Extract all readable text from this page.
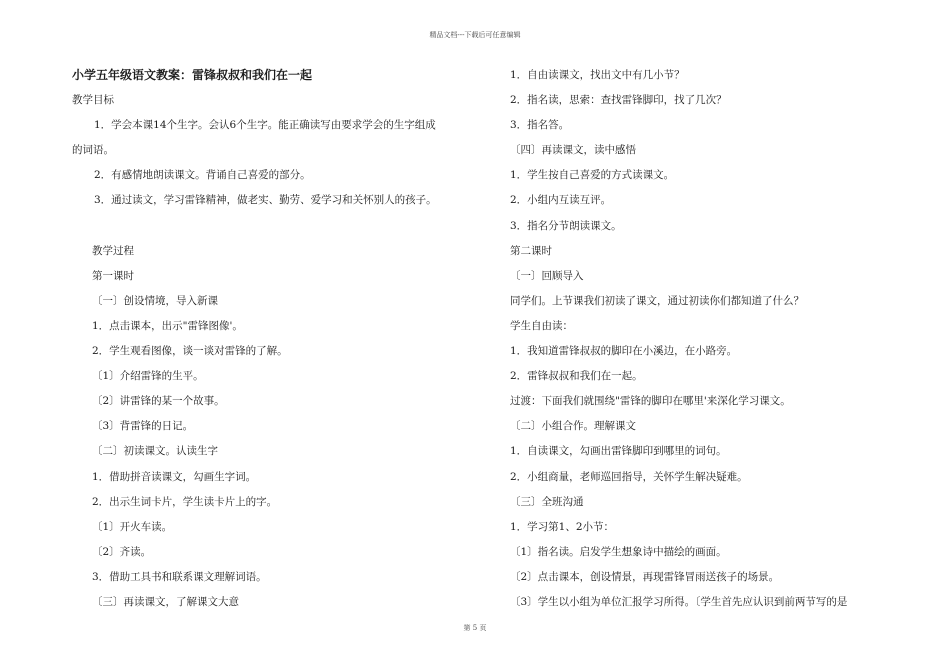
精品文档---下载后可任意编辑
小学五年级语文教案：雷锋叔叔和我们在一起
教学目标
1．学会本课14个生字。会认6个生字。能正确读写由要求学会的生字组成
的词语。
2．有感情地朗读课文。背诵自己喜爱的部分。
3．通过读文，学习雷锋精神，做老实、勤劳、爱学习和关怀别人的孩子。
教学过程
第一课时
〔一〕创设情境，导入新课
1．点击课本，出示"雷锋图像'。
2．学生观看图像，谈一谈对雷锋的了解。
〔1〕介绍雷锋的生平。
〔2〕讲雷锋的某一个故事。
〔3〕背雷锋的日记。
〔二〕初读课文。认读生字
1．借助拼音读课文，勾画生字词。
2．出示生词卡片，学生读卡片上的字。
〔1〕开火车读。
〔2〕齐读。
3．借助工具书和联系课文理解词语。
〔三〕再读课文，了解课文大意
1．自由读课文，找出文中有几小节？
2．指名读，思索：查找雷锋脚印，找了几次？
3．指名答。
〔四〕再读课文，读中感悟
1．学生按自己喜爱的方式读课文。
2．小组内互读互评。
3．指名分节朗读课文。
第二课时
〔一〕回顾导入
同学们。上节课我们初读了课文，通过初读你们都知道了什么？
学生自由读：
1．我知道雷锋叔叔的脚印在小溪边，在小路旁。
2．雷锋叔叔和我们在一起。
过渡：下面我们就围绕"雷锋的脚印在哪里'来深化学习课文。
〔二〕小组合作。理解课文
1．自读课文，勾画出雷锋脚印到哪里的词句。
2．小组商量，老师巡回指导，关怀学生解决疑难。
〔三〕全班沟通
1．学习第1、2小节：
〔1〕指名读。启发学生想象诗中描绘的画面。
〔2〕点击课本，创设情景，再现雷锋冒雨送孩子的场景。
〔3〕学生以小组为单位汇报学习所得。〔学生首先应认识到前两节写的是
第 5 页
